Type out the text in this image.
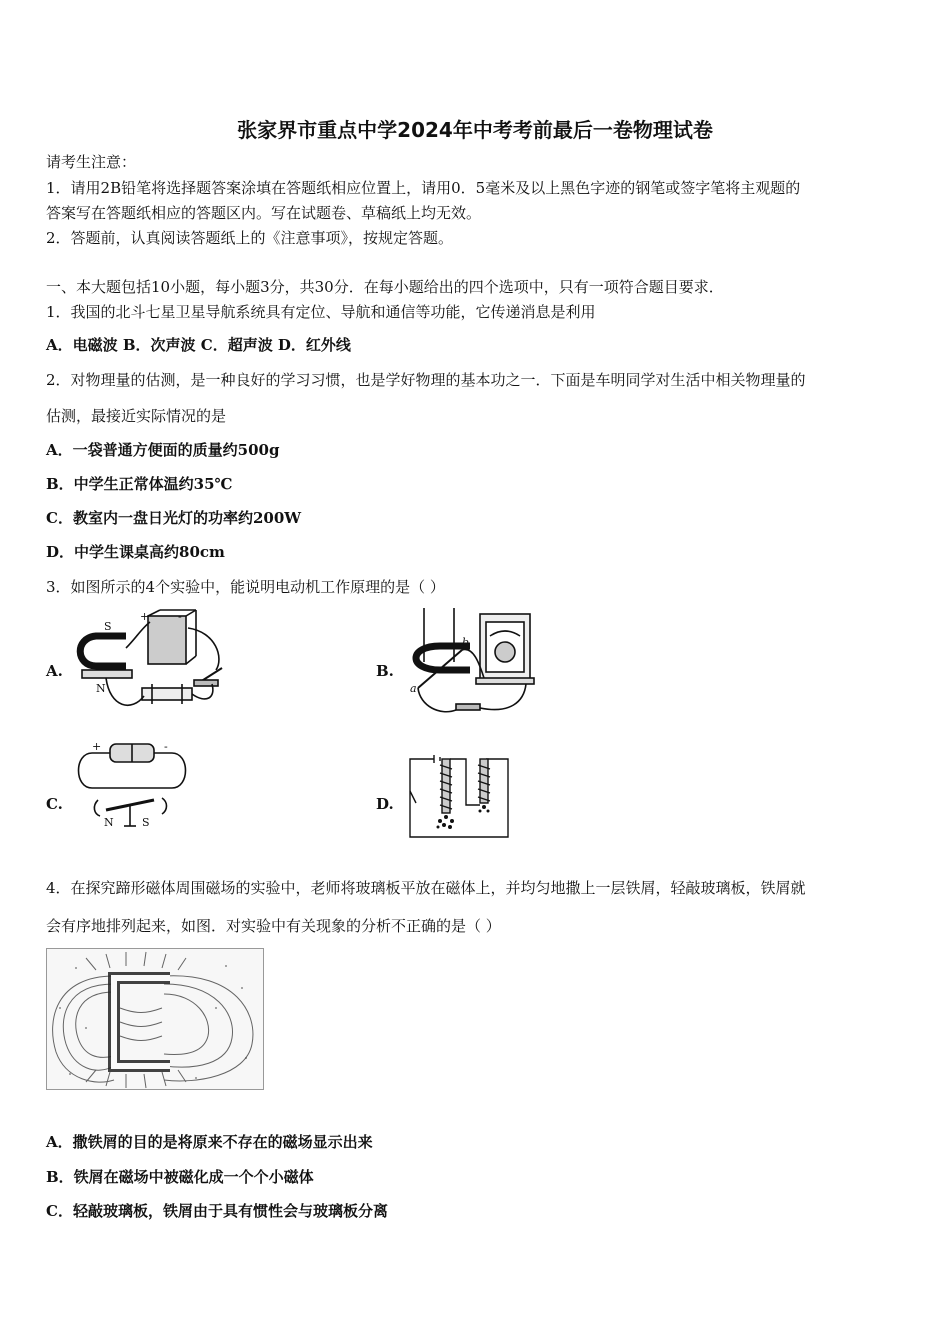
张家界市重点中学2024年中考考前最后一卷物理试卷
请考生注意：
1．请用2B铅笔将选择题答案涂填在答题纸相应位置上，请用0．5毫米及以上黑色字迹的钢笔或签字笔将主观题的
答案写在答题纸相应的答题区内。写在试题卷、草稿纸上均无效。
2．答题前，认真阅读答题纸上的《注意事项》，按规定答题。
一、本大题包括10小题，每小题3分，共30分．在每小题给出的四个选项中，只有一项符合题目要求．
1．我国的北斗七星卫星导航系统具有定位、导航和通信等功能，它传递消息是利用
A．电磁波 B．次声波 C．超声波 D．红外线
2．对物理量的估测，是一种良好的学习习惯，也是学好物理的基本功之一．下面是车明同学对生活中相关物理量的
估测，最接近实际情况的是
A．一袋普通方便面的质量约500g
B．中学生正常体温约35℃
C．教室内一盘日光灯的功率约200W
D．中学生课桌高约80cm
3．如图所示的4个实验中，能说明电动机工作原理的是（ ）
A.	B.
C.	D.
S
N
+	-
a
b
+	-
N	S
4．在探究蹄形磁体周围磁场的实验中，老师将玻璃板平放在磁体上，并均匀地撒上一层铁屑，轻敲玻璃板，铁屑就
会有序地排列起来，如图．对实验中有关现象的分析不正确的是（ ）
A．撒铁屑的目的是将原来不存在的磁场显示出来
B．铁屑在磁场中被磁化成一个个小磁体
C．轻敲玻璃板，铁屑由于具有惯性会与玻璃板分离
